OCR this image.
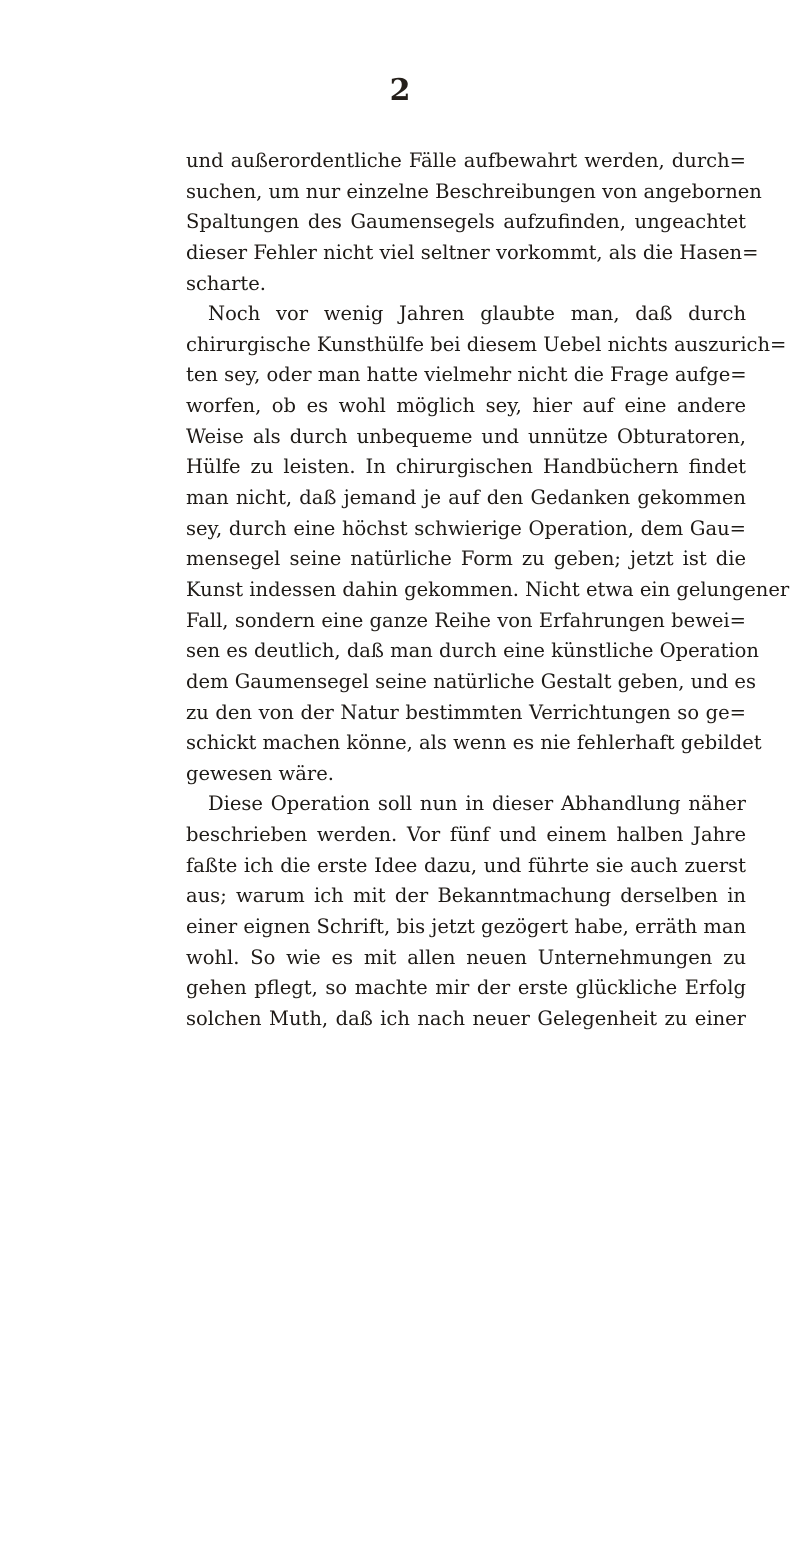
2
und außerordentliche Fälle aufbewahrt werden, durch=
suchen, um nur einzelne Beschreibungen von angebornen
Spaltungen des Gaumensegels aufzufinden, ungeachtet
dieser Fehler nicht viel seltner vorkommt, als die Hasen=
scharte.
Noch vor wenig Jahren glaubte man, daß durch
chirurgische Kunsthülfe bei diesem Uebel nichts auszurich=
ten sey, oder man hatte vielmehr nicht die Frage aufge=
worfen, ob es wohl möglich sey, hier auf eine andere
Weise als durch unbequeme und unnütze Obturatoren,
Hülfe zu leisten. In chirurgischen Handbüchern findet
man nicht, daß jemand je auf den Gedanken gekommen
sey, durch eine höchst schwierige Operation, dem Gau=
mensegel seine natürliche Form zu geben; jetzt ist die
Kunst indessen dahin gekommen. Nicht etwa ein gelungener
Fall, sondern eine ganze Reihe von Erfahrungen bewei=
sen es deutlich, daß man durch eine künstliche Operation
dem Gaumensegel seine natürliche Gestalt geben, und es
zu den von der Natur bestimmten Verrichtungen so ge=
schickt machen könne, als wenn es nie fehlerhaft gebildet
gewesen wäre.
Diese Operation soll nun in dieser Abhandlung näher
beschrieben werden. Vor fünf und einem halben Jahre
faßte ich die erste Idee dazu, und führte sie auch zuerst
aus; warum ich mit der Bekanntmachung derselben in
einer eignen Schrift, bis jetzt gezögert habe, erräth man
wohl. So wie es mit allen neuen Unternehmungen zu
gehen pflegt, so machte mir der erste glückliche Erfolg
solchen Muth, daß ich nach neuer Gelegenheit zu einer
